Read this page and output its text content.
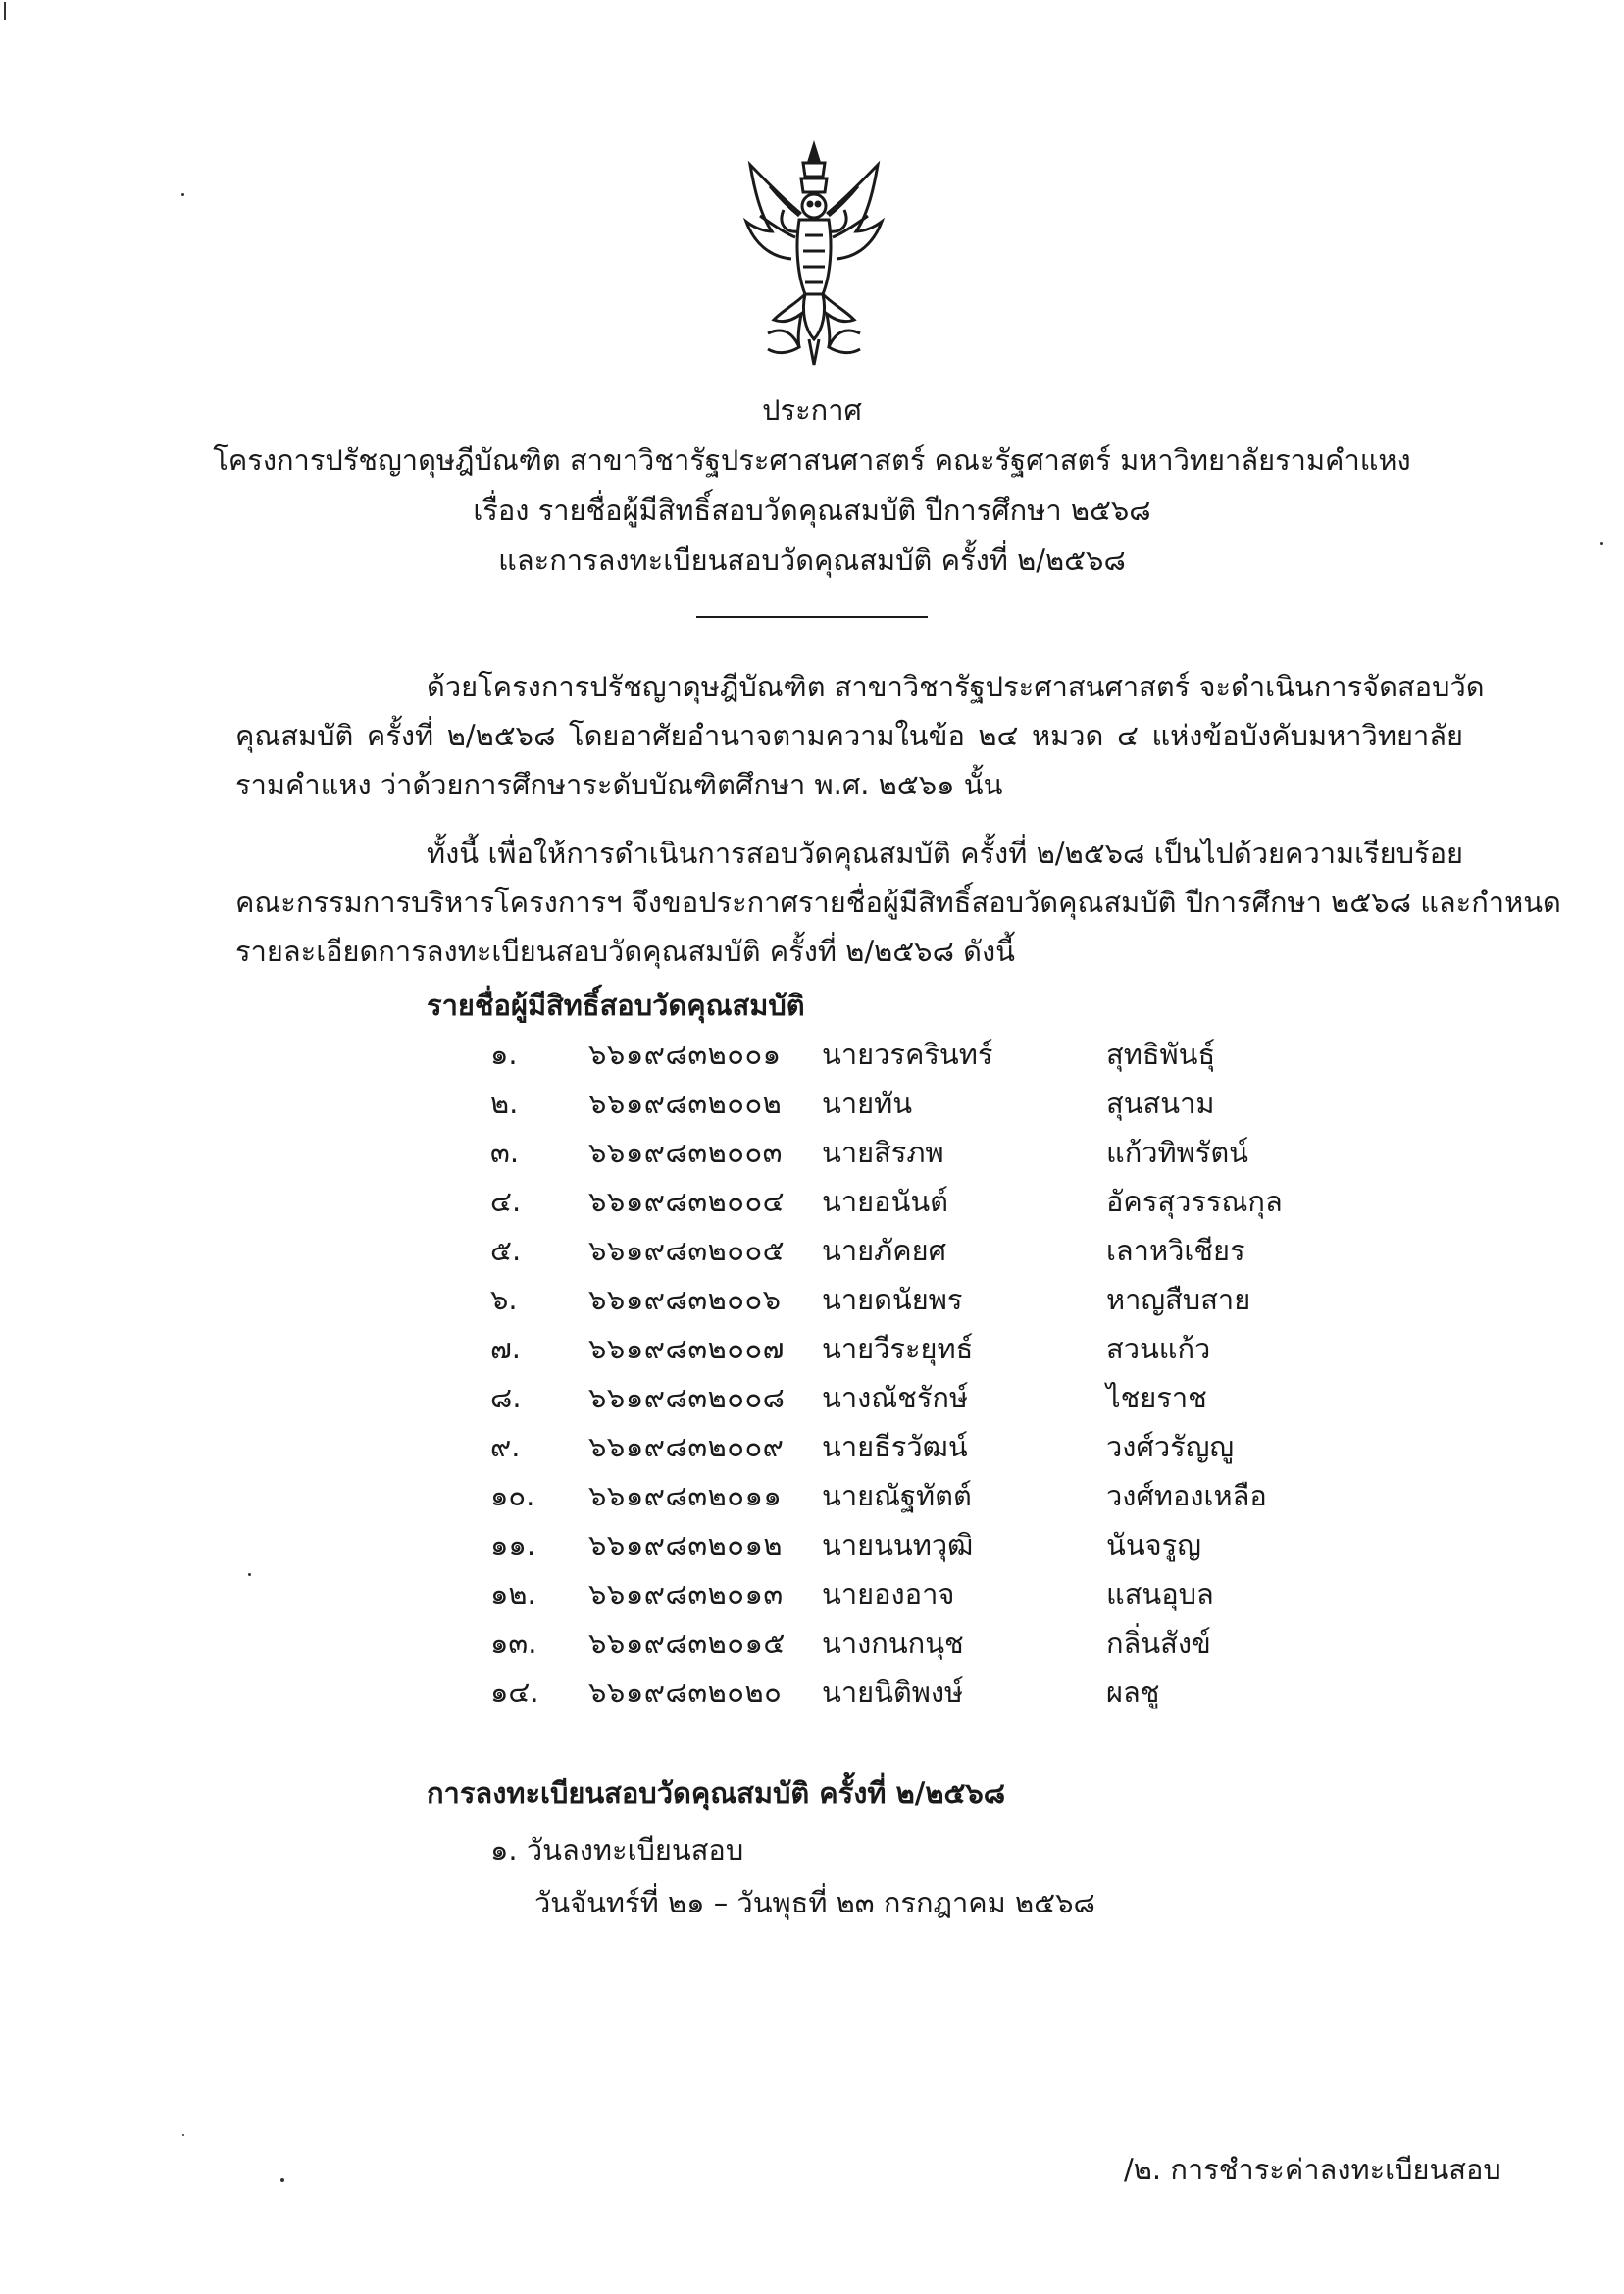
ประกาศ
โครงการปรัชญาดุษฎีบัณฑิต สาขาวิชารัฐประศาสนศาสตร์ คณะรัฐศาสตร์ มหาวิทยาลัยรามคำแหง
เรื่อง รายชื่อผู้มีสิทธิ์สอบวัดคุณสมบัติ ปีการศึกษา ๒๕๖๘
และการลงทะเบียนสอบวัดคุณสมบัติ ครั้งที่ ๒/๒๕๖๘
ด้วยโครงการปรัชญาดุษฎีบัณฑิต สาขาวิชารัฐประศาสนศาสตร์ จะดำเนินการจัดสอบวัด
คุณสมบัติ ครั้งที่ ๒/๒๕๖๘ โดยอาศัยอำนาจตามความในข้อ ๒๔ หมวด ๔ แห่งข้อบังคับมหาวิทยาลัย
รามคำแหง ว่าด้วยการศึกษาระดับบัณฑิตศึกษา พ.ศ. ๒๕๖๑ นั้น
ทั้งนี้ เพื่อให้การดำเนินการสอบวัดคุณสมบัติ ครั้งที่ ๒/๒๕๖๘ เป็นไปด้วยความเรียบร้อย
คณะกรรมการบริหารโครงการฯ จึงขอประกาศรายชื่อผู้มีสิทธิ์สอบวัดคุณสมบัติ ปีการศึกษา ๒๕๖๘ และกำหนด
รายละเอียดการลงทะเบียนสอบวัดคุณสมบัติ ครั้งที่ ๒/๒๕๖๘ ดังนี้
รายชื่อผู้มีสิทธิ์สอบวัดคุณสมบัติ
๑.	๖๖๑๙๘๓๒๐๐๑	นายวรครินทร์	สุทธิพันธุ์
๒.	๖๖๑๙๘๓๒๐๐๒	นายทัน	สุนสนาม
๓.	๖๖๑๙๘๓๒๐๐๓	นายสิรภพ	แก้วทิพรัตน์
๔.	๖๖๑๙๘๓๒๐๐๔	นายอนันต์	อัครสุวรรณกุล
๕.	๖๖๑๙๘๓๒๐๐๕	นายภัคยศ	เลาหวิเชียร
๖.	๖๖๑๙๘๓๒๐๐๖	นายดนัยพร	หาญสืบสาย
๗.	๖๖๑๙๘๓๒๐๐๗	นายวีระยุทธ์	สวนแก้ว
๘.	๖๖๑๙๘๓๒๐๐๘	นางณัชรักษ์	ไชยราช
๙.	๖๖๑๙๘๓๒๐๐๙	นายธีรวัฒน์	วงศ์วรัญญู
๑๐.	๖๖๑๙๘๓๒๐๑๑	นายณัฐทัตต์	วงศ์ทองเหลือ
๑๑.	๖๖๑๙๘๓๒๐๑๒	นายนนทวุฒิ	นันจรูญ
๑๒.	๖๖๑๙๘๓๒๐๑๓	นายองอาจ	แสนอุบล
๑๓.	๖๖๑๙๘๓๒๐๑๕	นางกนกนุช	กลิ่นสังข์
๑๔.	๖๖๑๙๘๓๒๐๒๐	นายนิติพงษ์	ผลชู
การลงทะเบียนสอบวัดคุณสมบัติ ครั้งที่ ๒/๒๕๖๘
๑. วันลงทะเบียนสอบ
วันจันทร์ที่ ๒๑ – วันพุธที่ ๒๓ กรกฎาคม ๒๕๖๘
/๒. การชำระค่าลงทะเบียนสอบ
